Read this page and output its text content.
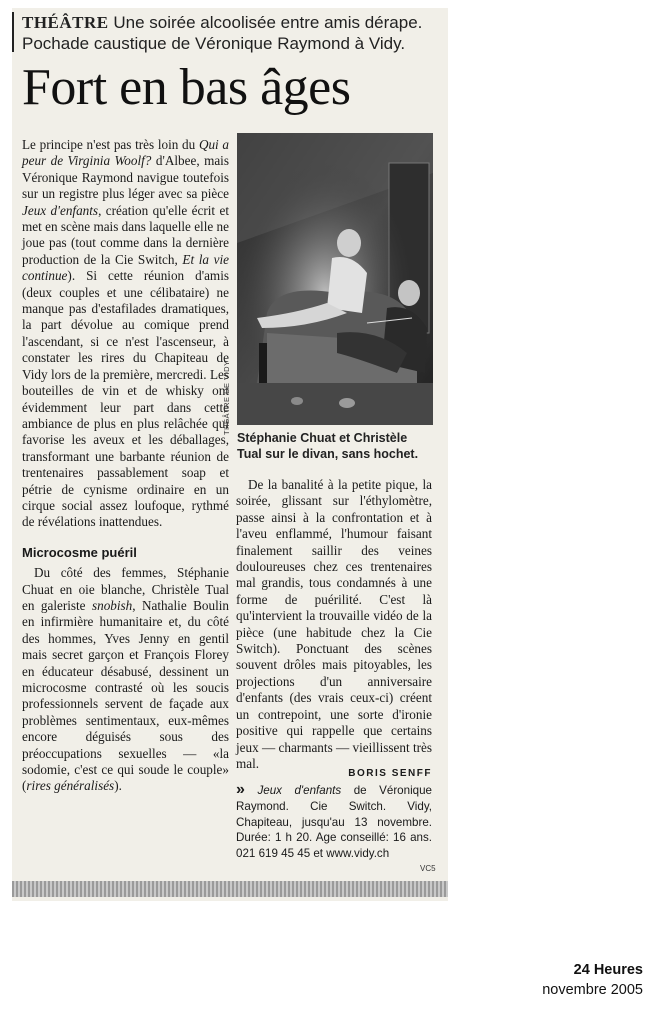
THÉÂTRE Une soirée alcoolisée entre amis dérape.
Pochade caustique de Véronique Raymond à Vidy.
Fort en bas âges

Le principe n'est pas très loin du Qui a peur de Virginia Woolf? d'Albee, mais Véronique Raymond navigue toutefois sur un registre plus léger avec sa pièce Jeux d'enfants, création qu'elle écrit et met en scène mais dans laquelle elle ne joue pas (tout comme dans la dernière production de la Cie Switch, Et la vie continue). Si cette réunion d'amis (deux couples et une célibataire) ne manque pas d'estafilades dramatiques, la part dévolue au comique prend l'ascendant, si ce n'est l'ascenseur, à constater les rires du Chapiteau de Vidy lors de la première, mercredi. Les bouteilles de vin et de whisky ont évidemment leur part dans cette ambiance de plus en plus relâchée qui favorise les aveux et les déballages, transformant une barbante réunion de trentenaires passablement soap et pétrie de cynisme ordinaire en un cirque social assez loufoque, rythmé de révélations inattendues.

Microcosme puéril

Du côté des femmes, Stéphanie Chuat en oie blanche, Christèle Tual en galeriste snobish, Nathalie Boulin en infirmière humanitaire et, du côté des hommes, Yves Jenny en gentil mais secret garçon et François Florey en éducateur désabusé, dessinent un microcosme contrasté où les soucis professionnels servent de façade aux problèmes sentimentaux, eux-mêmes encore déguisés sous des préoccupations sexuelles — «la sodomie, c'est ce qui soude le couple» (rires généralisés).

THÉÂTRE DE VIDY
Stéphanie Chuat et Christèle Tual sur le divan, sans hochet.

De la banalité à la petite pique, la soirée, glissant sur l'éthylomètre, passe ainsi à la confrontation et à l'aveu enflammé, l'humour faisant finalement saillir des veines douloureuses chez ces trentenaires mal grandis, tous condamnés à une forme de puérilité. C'est là qu'intervient la trouvaille vidéo de la pièce (une habitude chez la Cie Switch). Ponctuant des scènes souvent drôles mais pitoyables, les projections d'un anniversaire d'enfants (des vrais ceux-ci) créent un contrepoint, une sorte d'ironie positive qui rappelle que certains jeux — charmants — vieillissent très mal.

BORIS SENFF
» Jeux d'enfants de Véronique Raymond. Cie Switch. Vidy, Chapiteau, jusqu'au 13 novembre. Durée: 1 h 20. Age conseillé: 16 ans. 021 619 45 45 et www.vidy.ch
VC5
24 Heures
novembre 2005
